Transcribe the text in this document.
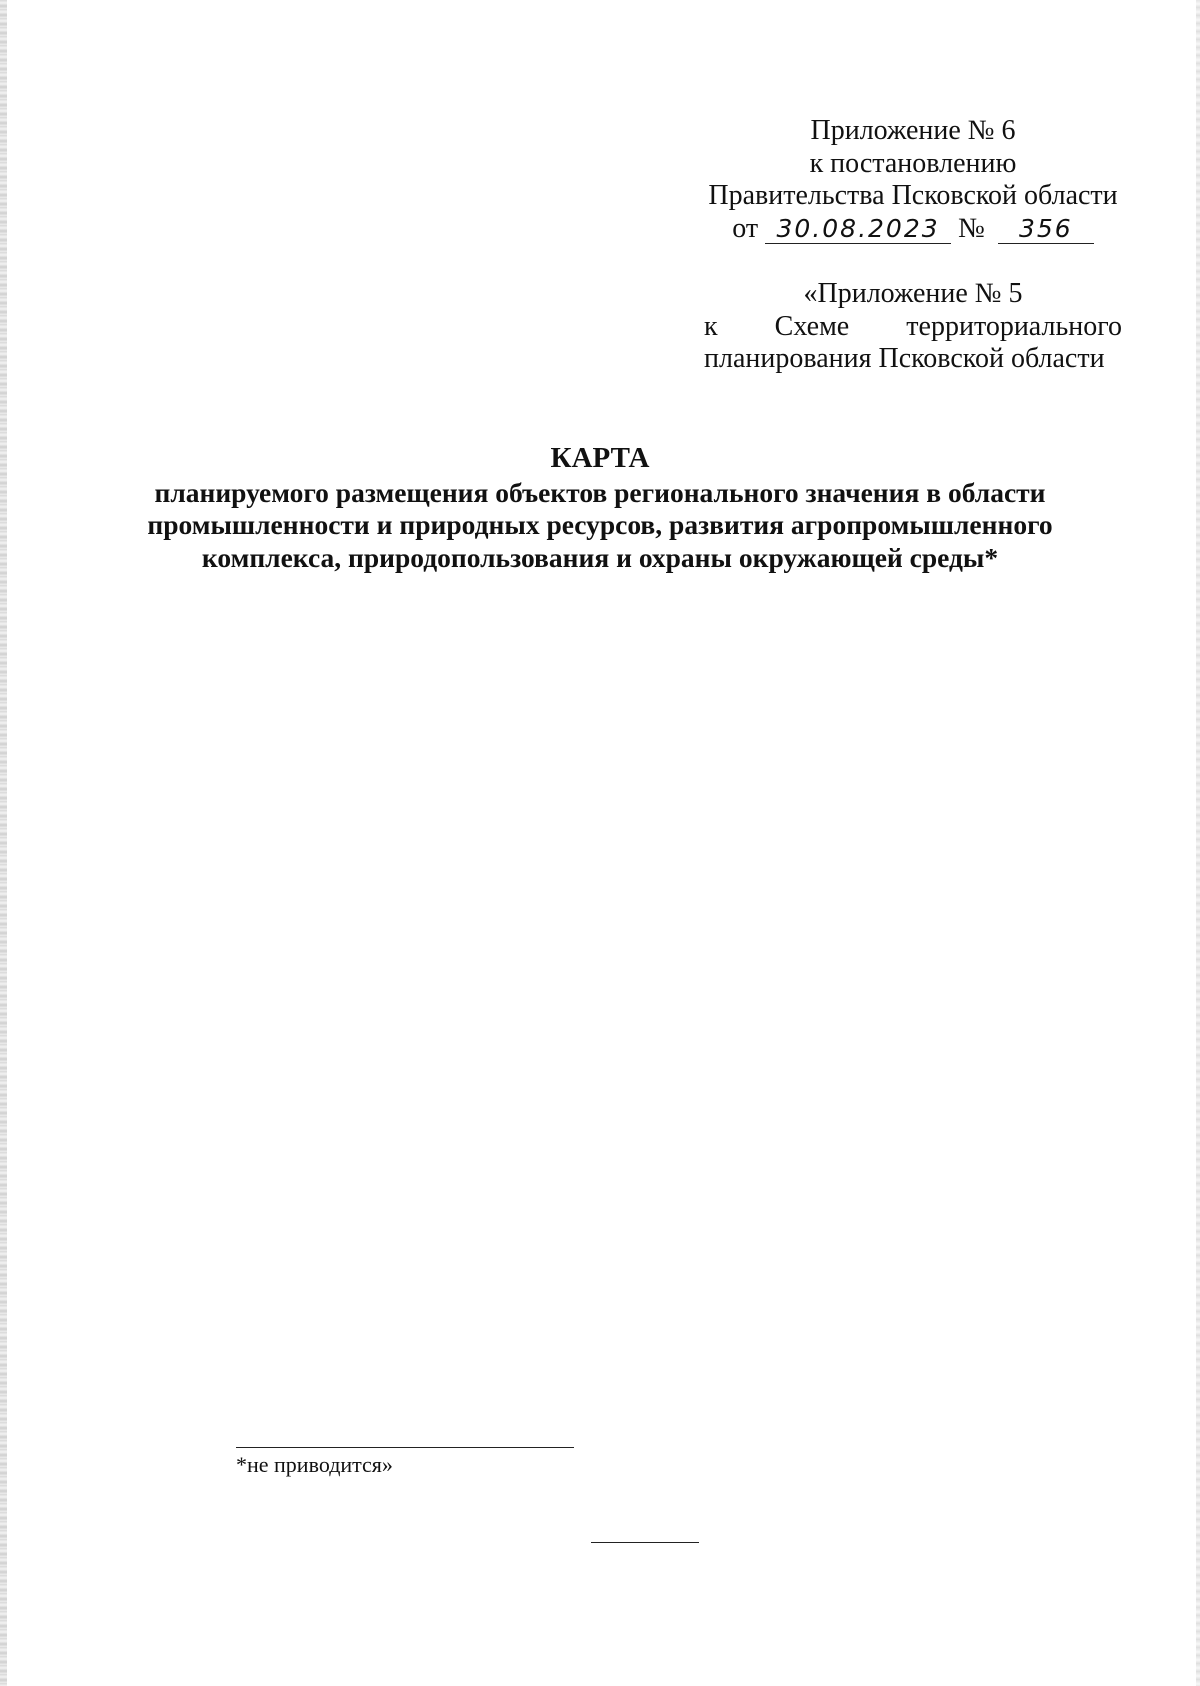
Приложение № 6
к постановлению
Правительства Псковской области
от 30.08.2023 № 356
«Приложение № 5
к Схеме территориального
планирования Псковской области
КАРТА
планируемого размещения объектов регионального значения в области
промышленности и природных ресурсов, развития агропромышленного
комплекса, природопользования и охраны окружающей среды*
*не приводится»
